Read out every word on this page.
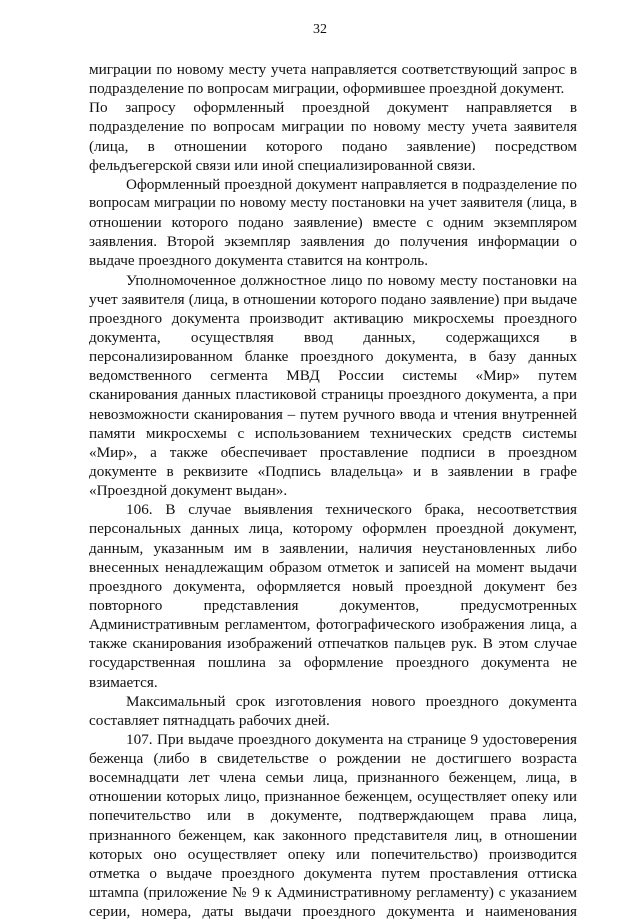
32
миграции по новому месту учета направляется соответствующий запрос в
подразделение по вопросам миграции, оформившее проездной документ.
По запросу оформленный проездной документ направляется в
подразделение по вопросам миграции по новому месту учета заявителя
(лица, в отношении которого подано заявление) посредством
фельдъегерской связи или иной специализированной связи.
Оформленный проездной документ направляется в подразделение по
вопросам миграции по новому месту постановки на учет заявителя (лица, в
отношении которого подано заявление) вместе с одним экземпляром
заявления. Второй экземпляр заявления до получения информации о
выдаче проездного документа ставится на контроль.
Уполномоченное должностное лицо по новому месту постановки на
учет заявителя (лица, в отношении которого подано заявление) при выдаче
проездного документа производит активацию микросхемы проездного
документа, осуществляя ввод данных, содержащихся в
персонализированном бланке проездного документа, в базу данных
ведомственного сегмента МВД России системы «Мир» путем
сканирования данных пластиковой страницы проездного документа, а при
невозможности сканирования – путем ручного ввода и чтения внутренней
памяти микросхемы с использованием технических средств системы
«Мир», а также обеспечивает проставление подписи в проездном
документе в реквизите «Подпись владельца» и в заявлении в графе
«Проездной документ выдан».
106. В случае выявления технического брака, несоответствия
персональных данных лица, которому оформлен проездной документ,
данным, указанным им в заявлении, наличия неустановленных либо
внесенных ненадлежащим образом отметок и записей на момент выдачи
проездного документа, оформляется новый проездной документ без
повторного представления документов, предусмотренных
Административным регламентом, фотографического изображения лица, а
также сканирования изображений отпечатков пальцев рук. В этом случае
государственная пошлина за оформление проездного документа не
взимается.
Максимальный срок изготовления нового проездного документа
составляет пятнадцать рабочих дней.
107. При выдаче проездного документа на странице 9 удостоверения
беженца (либо в свидетельстве о рождении не достигшего возраста
восемнадцати лет члена семьи лица, признанного беженцем, лица, в
отношении которых лицо, признанное беженцем, осуществляет опеку или
попечительство или в документе, подтверждающем права лица,
признанного беженцем, как законного представителя лиц, в отношении
которых оно осуществляет опеку или попечительство) производится
отметка о выдаче проездного документа путем проставления оттиска
штампа (приложение № 9 к Административному регламенту) с указанием
серии, номера, даты выдачи проездного документа и наименования
